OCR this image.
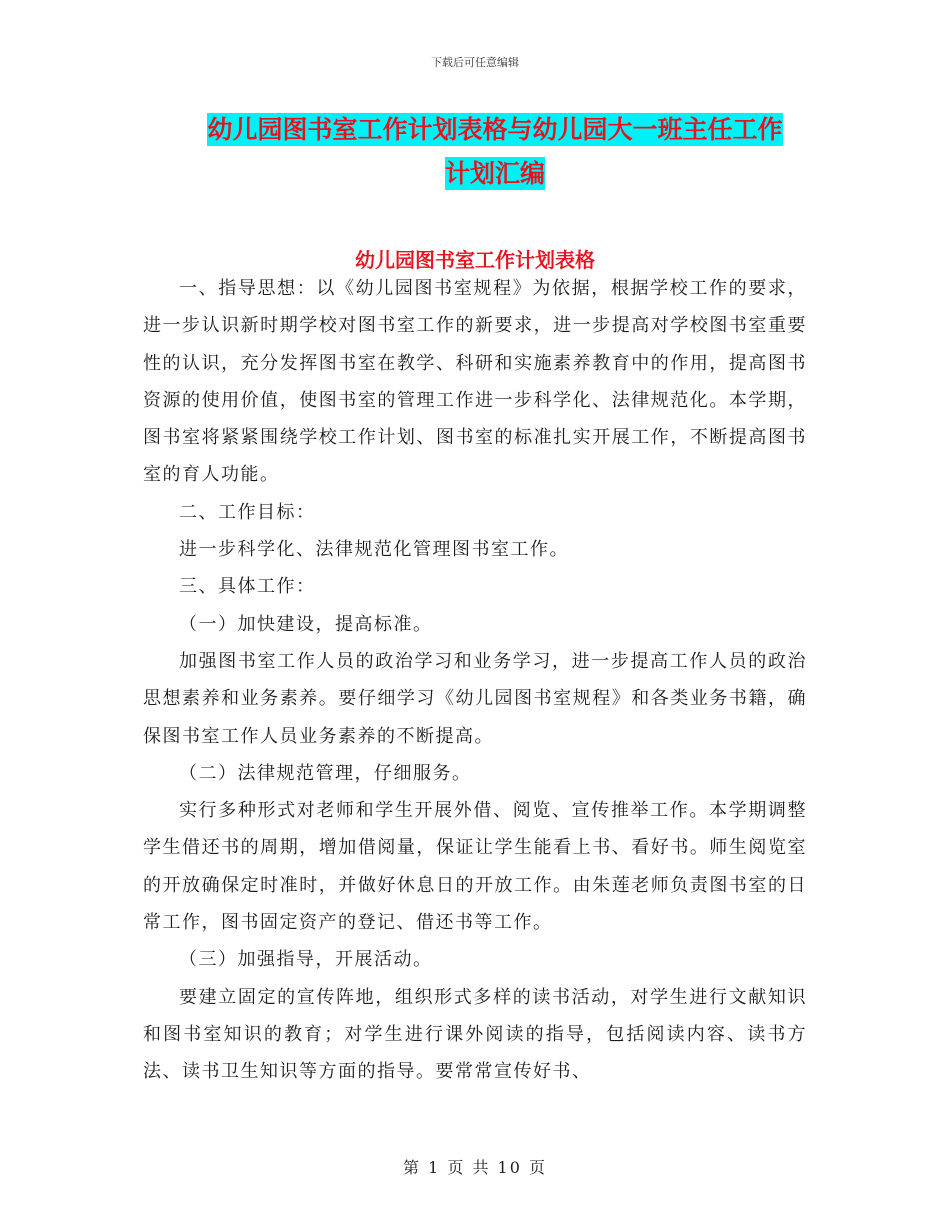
下载后可任意编辑
幼儿园图书室工作计划表格与幼儿园大一班主任工作
计划汇编
幼儿园图书室工作计划表格

一、指导思想：以《幼儿园图书室规程》为依据，根据学校工作的要求，进一步认识新时期学校对图书室工作的新要求，进一步提高对学校图书室重要性的认识，充分发挥图书室在教学、科研和实施素养教育中的作用，提高图书资源的使用价值，使图书室的管理工作进一步科学化、法律规范化。本学期，图书室将紧紧围绕学校工作计划、图书室的标准扎实开展工作，不断提高图书室的育人功能。

二、工作目标：

进一步科学化、法律规范化管理图书室工作。

三、具体工作：

（一）加快建设，提高标准。

加强图书室工作人员的政治学习和业务学习，进一步提高工作人员的政治思想素养和业务素养。要仔细学习《幼儿园图书室规程》和各类业务书籍，确保图书室工作人员业务素养的不断提高。

（二）法律规范管理，仔细服务。

实行多种形式对老师和学生开展外借、阅览、宣传推举工作。本学期调整学生借还书的周期，增加借阅量，保证让学生能看上书、看好书。师生阅览室的开放确保定时准时，并做好休息日的开放工作。由朱莲老师负责图书室的日常工作，图书固定资产的登记、借还书等工作。

（三）加强指导，开展活动。

要建立固定的宣传阵地，组织形式多样的读书活动，对学生进行文献知识和图书室知识的教育；对学生进行课外阅读的指导，包括阅读内容、读书方法、读书卫生知识等方面的指导。要常常宣传好书、

第 1 页 共 10 页
